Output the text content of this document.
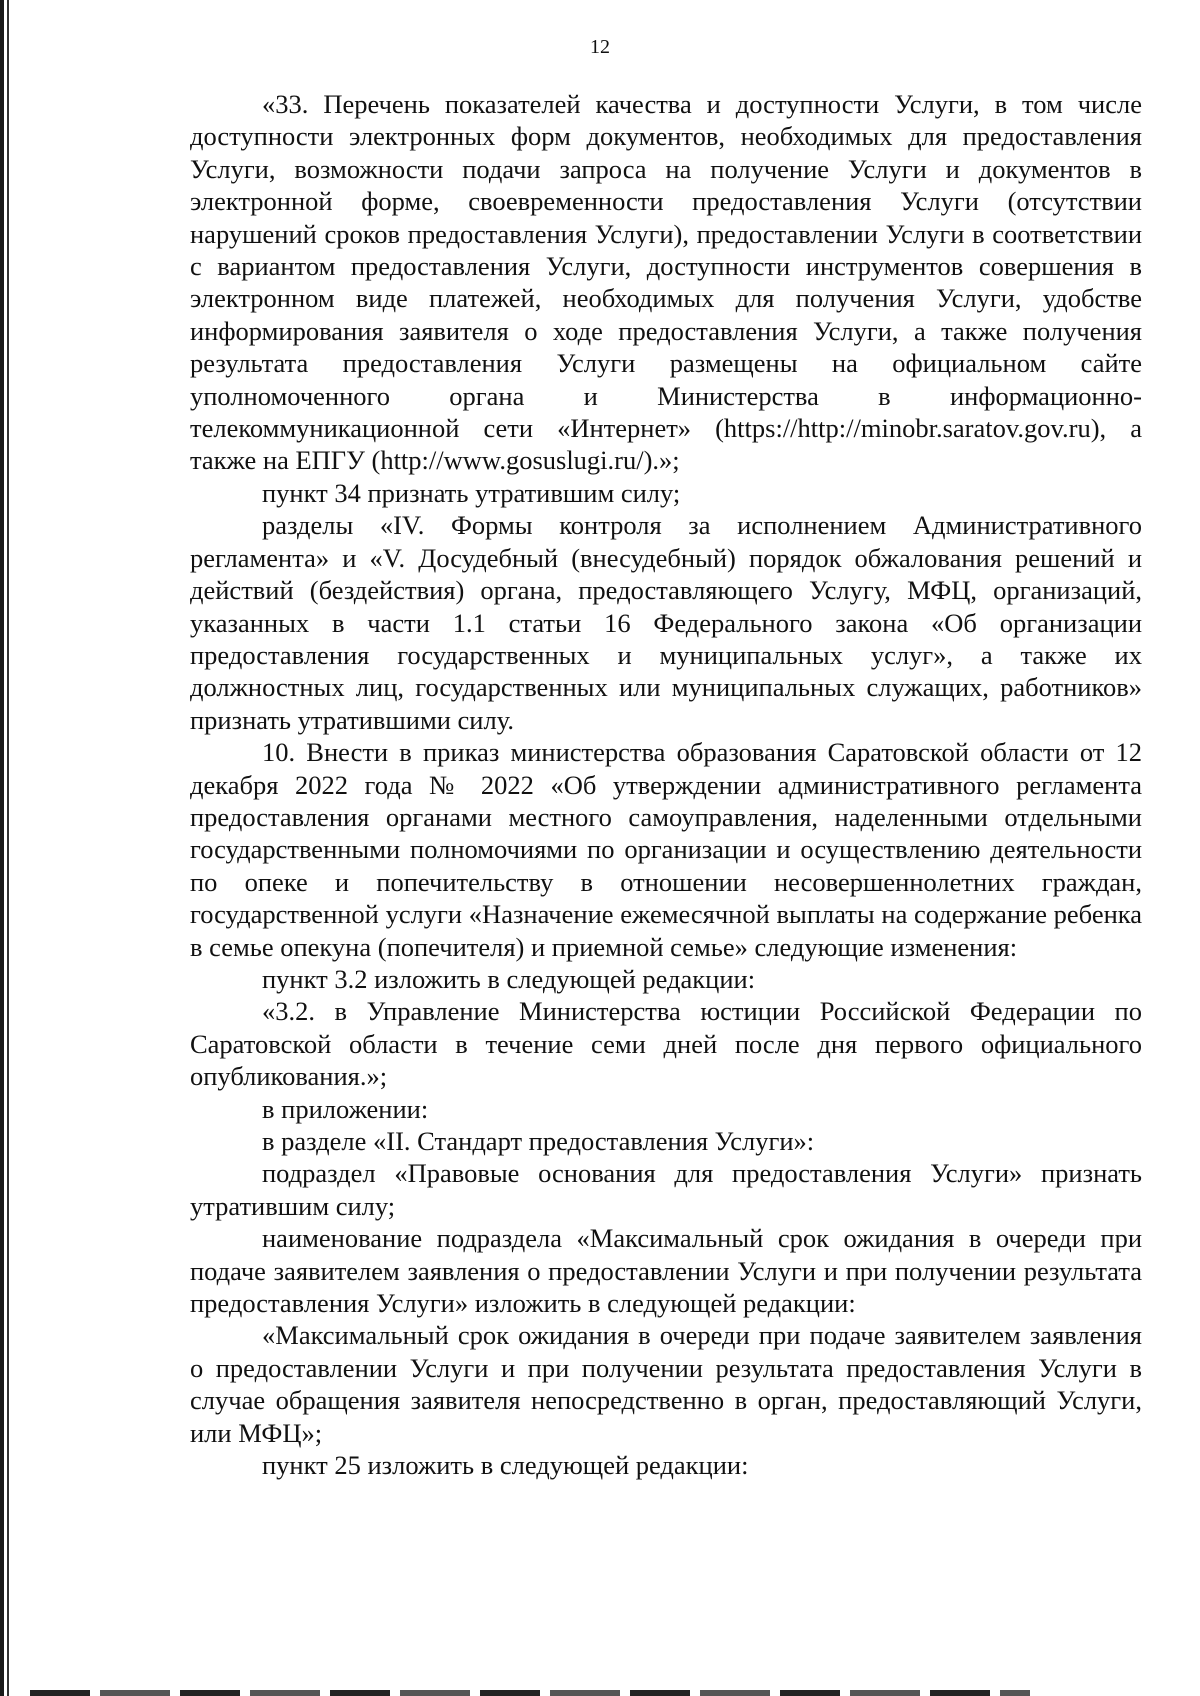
12

«33. Перечень показателей качества и доступности Услуги, в том числе доступности электронных форм документов, необходимых для предоставления Услуги, возможности подачи запроса на получение Услуги и документов в электронной форме, своевременности предоставления Услуги (отсутствии нарушений сроков предоставления Услуги), предоставлении Услуги в соответствии с вариантом предоставления Услуги, доступности инструментов совершения в электронном виде платежей, необходимых для получения Услуги, удобстве информирования заявителя о ходе предоставления Услуги, а также получения результата предоставления Услуги размещены на официальном сайте уполномоченного органа и Министерства в информационно-телекоммуникационной сети «Интернет» (https://http://minobr.saratov.gov.ru), а также на ЕПГУ (http://www.gosuslugi.ru/).»;

пункт 34 признать утратившим силу;

разделы «IV. Формы контроля за исполнением Административного регламента» и «V. Досудебный (внесудебный) порядок обжалования решений и действий (бездействия) органа, предоставляющего Услугу, МФЦ, организаций, указанных в части 1.1 статьи 16 Федерального закона «Об организации предоставления государственных и муниципальных услуг», а также их должностных лиц, государственных или муниципальных служащих, работников» признать утратившими силу.

10. Внести в приказ министерства образования Саратовской области от 12 декабря 2022 года № 2022 «Об утверждении административного регламента предоставления органами местного самоуправления, наделенными отдельными государственными полномочиями по организации и осуществлению деятельности по опеке и попечительству в отношении несовершеннолетних граждан, государственной услуги «Назначение ежемесячной выплаты на содержание ребенка в семье опекуна (попечителя) и приемной семье» следующие изменения:

пункт 3.2 изложить в следующей редакции:

«3.2. в Управление Министерства юстиции Российской Федерации по Саратовской области в течение семи дней после дня первого официального опубликования.»;

в приложении:

в разделе «II. Стандарт предоставления Услуги»:

подраздел «Правовые основания для предоставления Услуги» признать утратившим силу;

наименование подраздела «Максимальный срок ожидания в очереди при подаче заявителем заявления о предоставлении Услуги и при получении результата предоставления Услуги» изложить в следующей редакции:

«Максимальный срок ожидания в очереди при подаче заявителем заявления о предоставлении Услуги и при получении результата предоставления Услуги в случае обращения заявителя непосредственно в орган, предоставляющий Услуги, или МФЦ»;

пункт 25 изложить в следующей редакции:
